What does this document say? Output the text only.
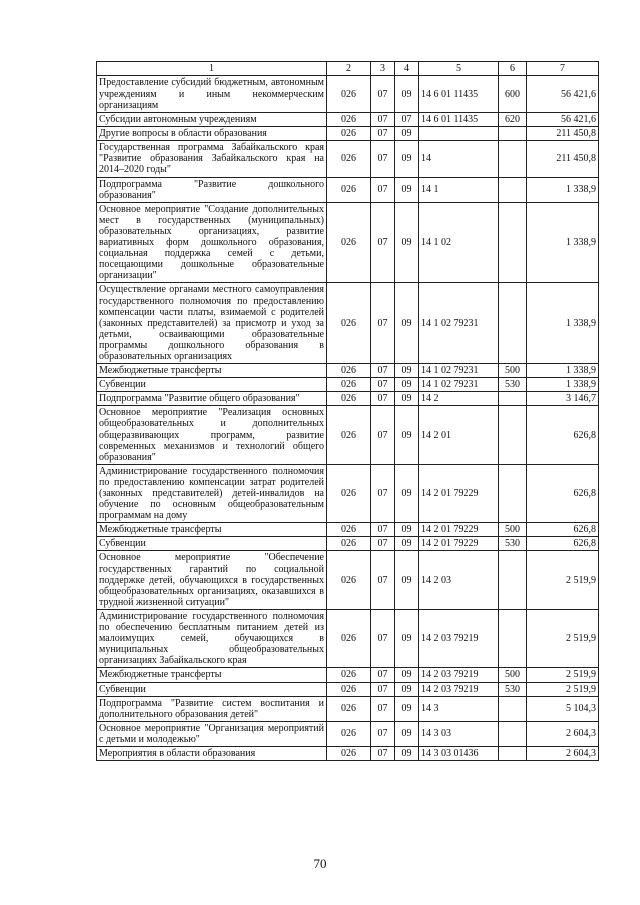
1	2	3	4	5	6	7
Предоставление субсидий бюджетным, автономным учреждениям и иным некоммерческим организациям	026	07	09	14 6 01 11435	600	56 421,6
Субсидии автономным учреждениям	026	07	07	14 6 01 11435	620	56 421,6
Другие вопросы в области образования	026	07	09			211 450,8
Государственная программа Забайкальского края "Развитие образования Забайкальского края на 2014–2020 годы"	026	07	09	14		211 450,8
Подпрограмма "Развитие дошкольного образования"	026	07	09	14 1		1 338,9
Основное мероприятие "Создание дополнительных мест в государственных (муниципальных) образовательных организациях, развитие вариативных форм дошкольного образования, социальная поддержка семей с детьми, посещающими дошкольные образовательные организации"	026	07	09	14 1 02		1 338,9
Осуществление органами местного самоуправления государственного полномочия по предоставлению компенсации части платы, взимаемой с родителей (законных представителей) за присмотр и уход за детьми, осваивающими образовательные программы дошкольного образования в образовательных организациях	026	07	09	14 1 02 79231		1 338,9
Межбюджетные трансферты	026	07	09	14 1 02 79231	500	1 338,9
Субвенции	026	07	09	14 1 02 79231	530	1 338,9
Подпрограмма "Развитие общего образования"	026	07	09	14 2		3 146,7
Основное мероприятие "Реализация основных общеобразовательных и дополнительных общеразвивающих программ, развитие современных механизмов и технологий общего образования"	026	07	09	14 2 01		626,8
Администрирование государственного полномочия по предоставлению компенсации затрат родителей (законных представителей) детей-инвалидов на обучение по основным общеобразовательным программам на дому	026	07	09	14 2 01 79229		626,8
Межбюджетные трансферты	026	07	09	14 2 01 79229	500	626,8
Субвенции	026	07	09	14 2 01 79229	530	626,8
Основное мероприятие "Обеспечение государственных гарантий по социальной поддержке детей, обучающихся в государственных общеобразовательных организациях, оказавшихся в трудной жизненной ситуации"	026	07	09	14 2 03		2 519,9
Администрирование государственного полномочия по обеспечению бесплатным питанием детей из малоимущих семей, обучающихся в муниципальных общеобразовательных организациях Забайкальского края	026	07	09	14 2 03 79219		2 519,9
Межбюджетные трансферты	026	07	09	14 2 03 79219	500	2 519,9
Субвенции	026	07	09	14 2 03 79219	530	2 519,9
Подпрограмма "Развитие систем воспитания и дополнительного образования детей"	026	07	09	14 3		5 104,3
Основное мероприятие "Организация мероприятий с детьми и молодежью"	026	07	09	14 3 03		2 604,3
Мероприятия в области образования	026	07	09	14 3 03 01436		2 604,3
70
